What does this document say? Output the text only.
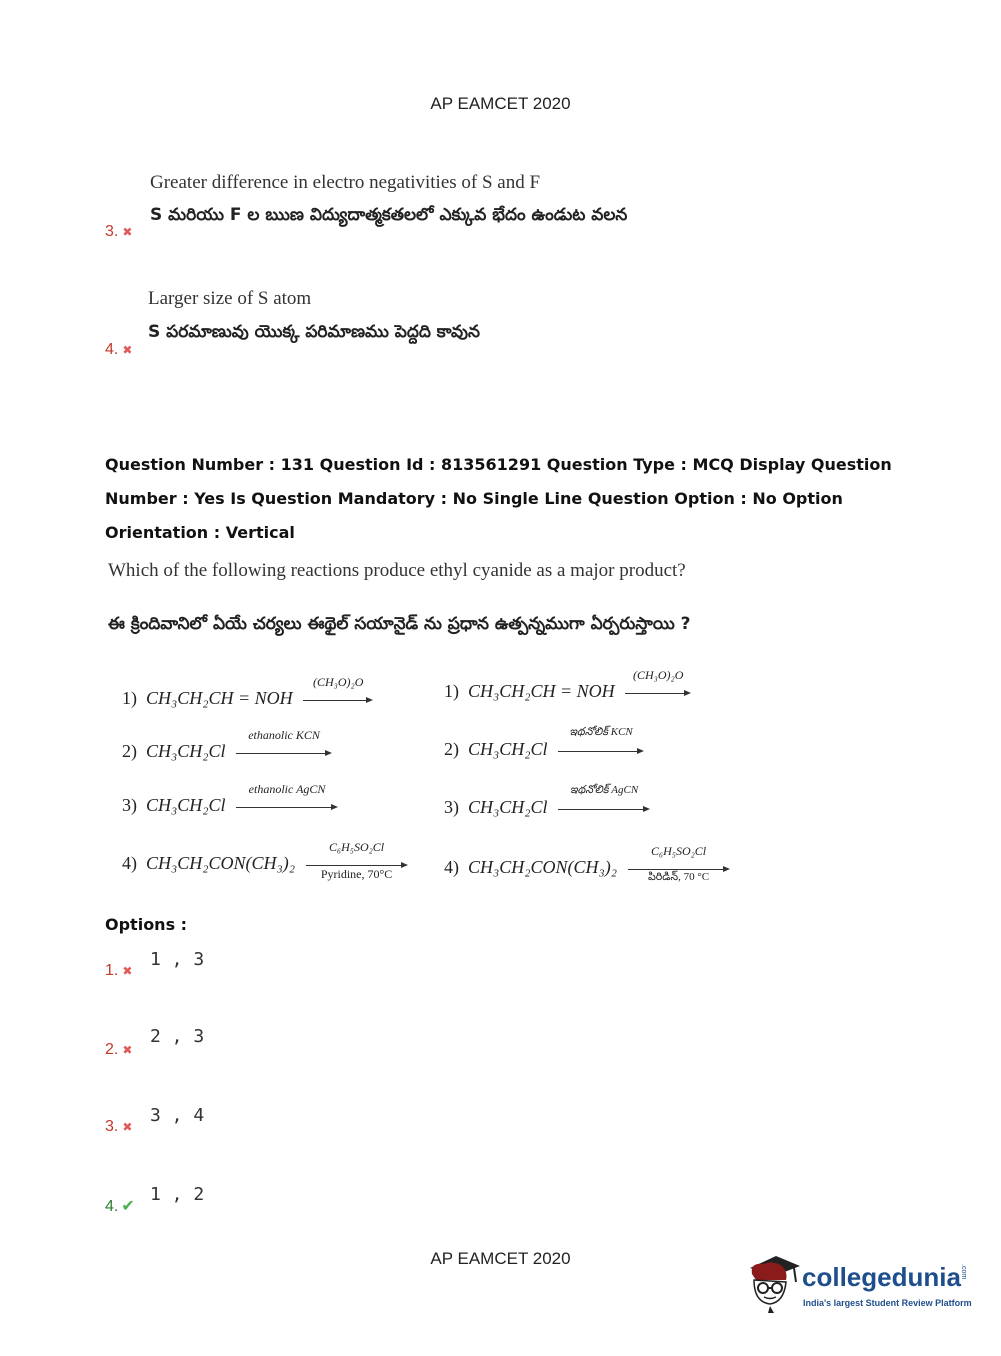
AP EAMCET 2020
Greater difference in electro negativities of S and F
S మరియు F ల ఋణ విద్యుదాత్మకతలలో ఎక్కువ భేదం ఉండుట వలన
3. ✖
Larger size of S atom
S పరమాణువు యొక్క పరిమాణము పెద్దది కావున
4. ✖
Question Number : 131 Question Id : 813561291 Question Type : MCQ Display Question
Number : Yes Is Question Mandatory : No Single Line Question Option : No Option
Orientation : Vertical
Which of the following reactions produce ethyl cyanide as a major product?
ఈ క్రిందివానిలో ఏయే చర్యలు ఈథైల్ సయానైడ్ ను ప్రధాన ఉత్పన్నముగా ఏర్పరుస్తాయి ?
1) CH₃CH₂CH = NOH
(CH₃O)₂O
2) CH₃CH₂Cl
ethanolic KCN
3) CH₃CH₂Cl
ethanolic AgCN
4) CH₃CH₂CON(CH₃)₂
C₆H₅SO₂Cl
Pyridine, 70°C
1) CH₃CH₂CH = NOH
(CH₃O)₂O
2) CH₃CH₂Cl
ఇథనోలిక్ KCN
3) CH₃CH₂Cl
ఇథనోలిక్ AgCN
4) CH₃CH₂CON(CH₃)₂
C₆H₅SO₂Cl
పిరిడిన్, 70 °C
Options :
1. ✖
1 , 3
2. ✖
2 , 3
3. ✖
3 , 4
4. ✔
1 , 2
AP EAMCET 2020
collegedunia .com
India's largest Student Review Platform
